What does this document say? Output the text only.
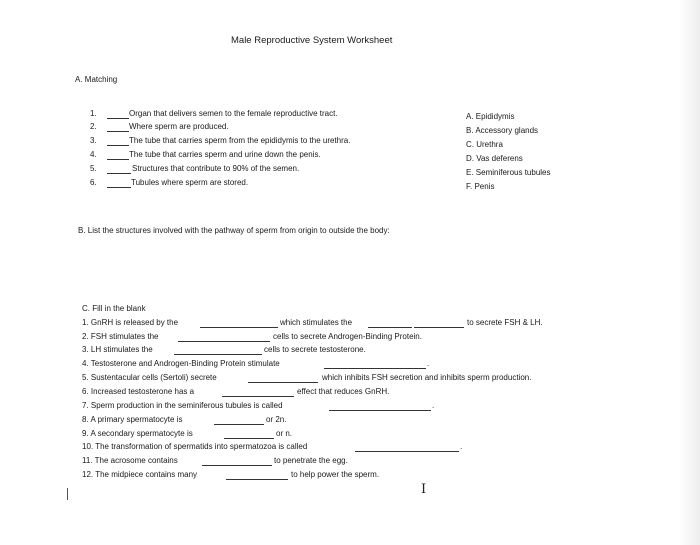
Male Reproductive System Worksheet
A. Matching
1.	Organ that delivers semen to the female reproductive tract.
2.	Where sperm are produced.
3.	The tube that carries sperm from the epididymis to the urethra.
4.	The tube that carries sperm and urine down the penis.
5.	Structures that contribute to 90% of the semen.
6.	Tubules where sperm are stored.
A. Epididymis
B. Accessory glands
C. Urethra
D. Vas deferens
E. Seminiferous tubules
F. Penis
B. List the structures involved with the pathway of sperm from origin to outside the body:
C. Fill in the blank
1. GnRH is released by the	which stimulates the	to secrete FSH & LH.
2. FSH stimulates the	cells to secrete Androgen-Binding Protein.
3. LH stimulates the	cells to secrete testosterone.
4. Testosterone and Androgen-Binding Protein stimulate	.
5. Sustentacular cells (Sertoli) secrete	which inhibits FSH secretion and inhibits sperm production.
6. Increased testosterone has a	effect that reduces GnRH.
7. Sperm production in the seminiferous tubules is called	.
8. A primary spermatocyte is	or 2n.
9. A secondary spermatocyte is	or n.
10. The transformation of spermatids into spermatozoa is called	.
11. The acrosome contains	to penetrate the egg.
12. The midpiece contains many	to help power the sperm.
I
